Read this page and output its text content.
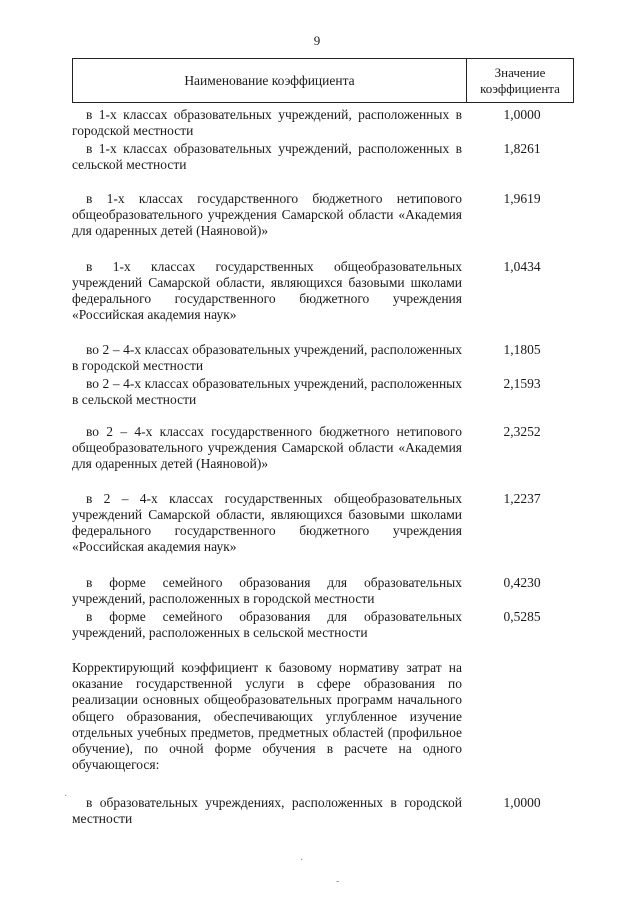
9
Наименование коэффициента
Значение
коэффициента
в 1-х классах образовательных учреждений, расположенных в городской местности
1,0000
в 1-х классах образовательных учреждений, расположенных в сельской местности
1,8261
в 1-х классах государственного бюджетного нетипового общеобразовательного учреждения Самарской области «Академия для одаренных детей (Наяновой)»
1,9619
в 1-х классах государственных общеобразовательных учреждений Самарской области, являющихся базовыми школами федерального государственного бюджетного учреждения «Российская академия наук»
1,0434
во 2 – 4-х классах образовательных учреждений, расположенных в городской местности
1,1805
во 2 – 4-х классах образовательных учреждений, расположенных в сельской местности
2,1593
во 2 – 4-х классах государственного бюджетного нетипового общеобразовательного учреждения Самарской области «Академия для одаренных детей (Наяновой)»
2,3252
в 2 – 4-х классах государственных общеобразовательных учреждений Самарской области, являющихся базовыми школами федерального государственного бюджетного учреждения «Российская академия наук»
1,2237
в форме семейного образования для образовательных учреждений, расположенных в городской местности
0,4230
в форме семейного образования для образовательных учреждений, расположенных в сельской местности
0,5285
Корректирующий коэффициент к базовому нормативу затрат на оказание государственной услуги в сфере образования по реализации основных общеобразовательных программ начального общего образования, обеспечивающих углубленное изучение отдельных учебных предметов, предметных областей (профильное обучение), по очной форме обучения в расчете на одного обучающегося:
в образовательных учреждениях, расположенных в городской местности
1,0000
·
·
-
